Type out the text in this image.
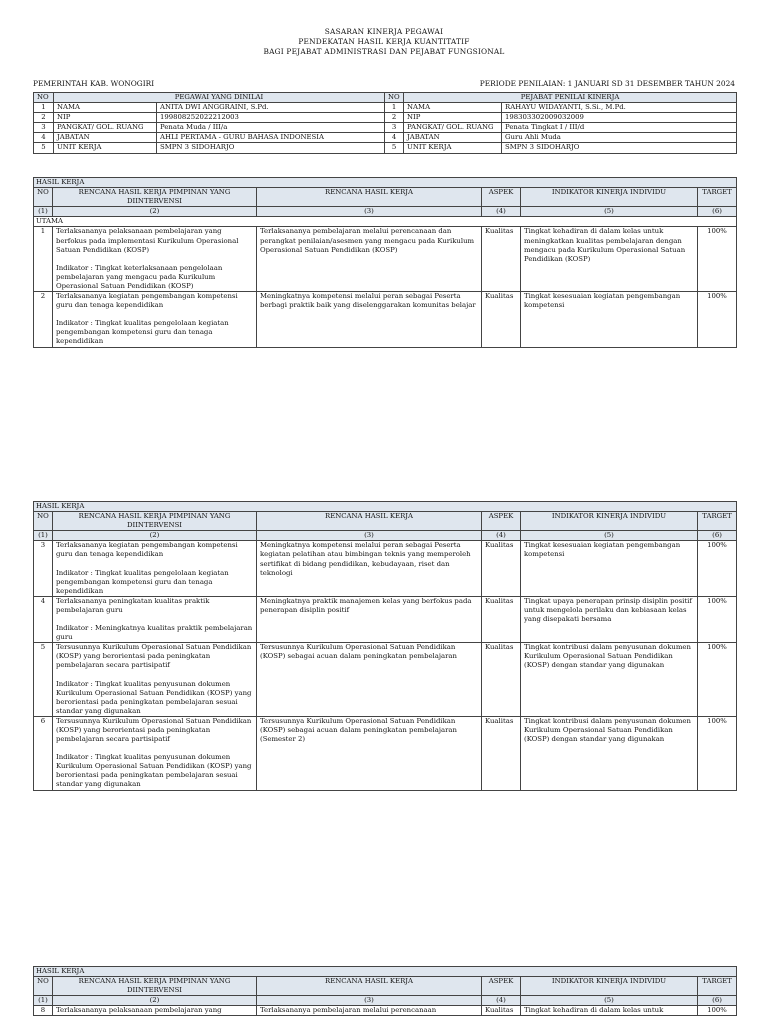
SASARAN KINERJA PEGAWAI
PENDEKATAN HASIL KERJA KUANTITATIF
BAGI PEJABAT ADMINISTRASI DAN PEJABAT FUNGSIONAL
PEMERINTAH KAB. WONOGIRI	PERIODE PENILAIAN: 1 JANUARI SD 31 DESEMBER TAHUN 2024
NO	PEGAWAI YANG DINILAI		NO	PEJABAT PENILAI KINERJA	
1	NAMA	ANITA DWI ANGGRAINI, S.Pd.	1	NAMA	RAHAYU WIDAYANTI, S.Si., M.Pd.
2	NIP	199808252022212003	2	NIP	198303302009032009
3	PANGKAT/ GOL. RUANG	Penata Muda / III/a	3	PANGKAT/ GOL. RUANG	Penata Tingkat I / III/d
4	JABATAN	AHLI PERTAMA - GURU BAHASA INDONESIA	4	JABATAN	Guru Ahli Muda
5	UNIT KERJA	SMPN 3 SIDOHARJO	5	UNIT KERJA	SMPN 3 SIDOHARJO
HASIL KERJA					
NO	RENCANA HASIL KERJA PIMPINAN YANG DIINTERVENSI	RENCANA HASIL KERJA	ASPEK	INDIKATOR KINERJA INDIVIDU	TARGET
(1)	(2)	(3)	(4)	(5)	(6)
UTAMA					
1	Terlaksananya pelaksanaan pembelajaran yang berfokus pada implementasi Kurikulum Operasional Satuan Pendidikan (KOSP)

Indikator : Tingkat keterlaksanaan pengelolaan pembelajaran yang mengacu pada Kurikulum Operasional Satuan Pendidikan (KOSP)	Terlaksananya pembelajaran melalui perencanaan dan perangkat penilaian/asesmen yang mengacu pada Kurikulum Operasional Satuan Pendidikan (KOSP)	Kualitas	Tingkat kehadiran di dalam kelas untuk meningkatkan kualitas pembelajaran dengan mengacu pada Kurikulum Operasional Satuan Pendidikan (KOSP)	100%
2	Terlaksananya kegiatan pengembangan kompetensi guru dan tenaga kependidikan

Indikator : Tingkat kualitas pengelolaan kegiatan pengembangan kompetensi guru dan tenaga kependidikan	Meningkatnya kompetensi melalui peran sebagai Peserta berbagi praktik baik yang diselenggarakan komunitas belajar	Kualitas	Tingkat kesesuaian kegiatan pengembangan kompetensi	100%
HASIL KERJA					
NO	RENCANA HASIL KERJA PIMPINAN YANG DIINTERVENSI	RENCANA HASIL KERJA	ASPEK	INDIKATOR KINERJA INDIVIDU	TARGET
(1)	(2)	(3)	(4)	(5)	(6)
3	Terlaksananya kegiatan pengembangan kompetensi guru dan tenaga kependidikan

Indikator : Tingkat kualitas pengelolaan kegiatan pengembangan kompetensi guru dan tenaga kependidikan	Meningkatnya kompetensi melalui peran sebagai Peserta kegiatan pelatihan atau bimbingan teknis yang memperoleh sertifikat di bidang pendidikan, kebudayaan, riset dan teknologi	Kualitas	Tingkat kesesuaian kegiatan pengembangan kompetensi	100%
4	Terlaksananya peningkatan kualitas praktik pembelajaran guru

Indikator : Meningkatnya kualitas praktik pembelajaran guru	Meningkatnya praktik manajemen kelas yang berfokus pada penerapan disiplin positif	Kualitas	Tingkat upaya penerapan prinsip disiplin positif untuk mengelola perilaku dan kebiasaan kelas yang disepakati bersama	100%
5	Tersusunnya Kurikulum Operasional Satuan Pendidikan (KOSP) yang berorientasi pada peningkatan pembelajaran secara partisipatif

Indikator : Tingkat kualitas penyusunan dokumen Kurikulum Operasional Satuan Pendidikan (KOSP) yang berorientasi pada peningkatan pembelajaran sesuai standar yang digunakan	Tersusunnya Kurikulum Operasional Satuan Pendidikan (KOSP) sebagai acuan dalam peningkatan pembelajaran	Kualitas	Tingkat kontribusi dalam penyusunan dokumen Kurikulum Operasional Satuan Pendidikan (KOSP) dengan standar yang digunakan	100%
6	Tersusunnya Kurikulum Operasional Satuan Pendidikan (KOSP) yang berorientasi pada peningkatan pembelajaran secara partisipatif

Indikator : Tingkat kualitas penyusunan dokumen Kurikulum Operasional Satuan Pendidikan (KOSP) yang berorientasi pada peningkatan pembelajaran sesuai standar yang digunakan	Tersusunnya Kurikulum Operasional Satuan Pendidikan (KOSP) sebagai acuan dalam peningkatan pembelajaran (Semester 2)	Kualitas	Tingkat kontribusi dalam penyusunan dokumen Kurikulum Operasional Satuan Pendidikan (KOSP) dengan standar yang digunakan	100%
HASIL KERJA					
NO	RENCANA HASIL KERJA PIMPINAN YANG DIINTERVENSI	RENCANA HASIL KERJA	ASPEK	INDIKATOR KINERJA INDIVIDU	TARGET
(1)	(2)	(3)	(4)	(5)	(6)
8	Terlaksananya pelaksanaan pembelajaran yang	Terlaksananya pembelajaran melalui perencanaan	Kualitas	Tingkat kehadiran di dalam kelas untuk	100%
